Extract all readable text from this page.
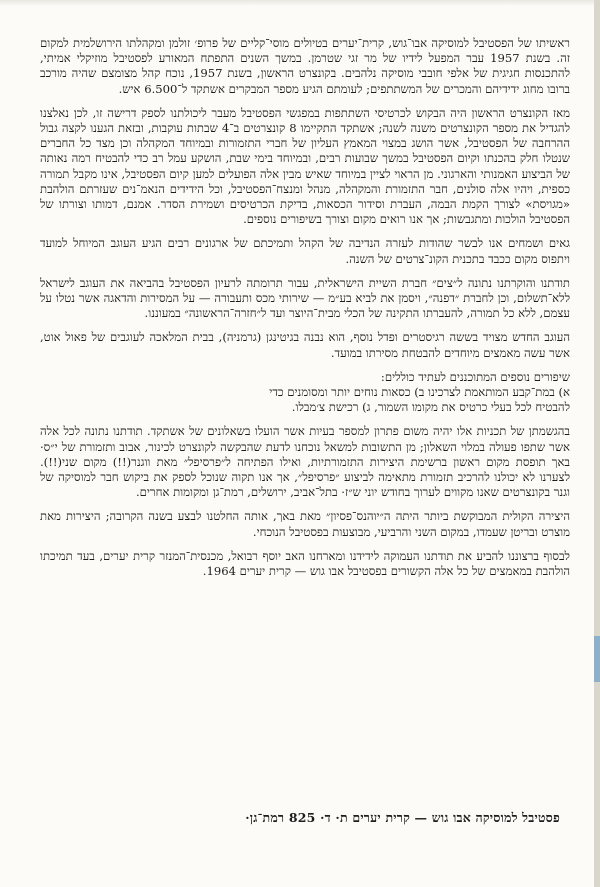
ראשיתו של הפסטיבל למוסיקה אבו־גוש, קרית־יערים בטיולים מוסי־קליים של פרופ׳ זולמן ומקהלתו הירושלמית למקום זה. בשנת 1957 עבר המפעל לידיו של מר זגי שטרמן. במשך השנים התפתח המאורע לפסטיבל מוזיקלי אמיתי, להתכנסות חגיגית של אלפי חובבי מוסיקה נלהבים. בקונצרט הראשון, בשנת 1957, נוכח קהל מצומצם שהיה מורכב ברובו מחוג ידידיהם והמכרים של המשתתפים; לעומתם הגיע מספר המבקרים אשתקד ל־6.500 איש.

מאז הקונצרט הראשון היה הבקוש לכרטיסי השתתפות במפגשי הפסטיבל מעבר ליכולתנו לספק דרישה זו, לכן נאלצנו להגדיל את מספר הקונצרטים משנה לשנה; אשתקד התקיימו 8 קונצרטים ב־4 שבתות עוקבות, ובזאת הגענו לקצה גבול ההרחבה של הפסטיבל, אשר הושג במצוי המאמץ העליון של חברי התזמורות ובמיוחד המקהלה וכן מצד כל החברים שנטלו חלק בהכנתו וקיום הפסטיבל במשך שבועות רבים, ובמיוחד בימי שבת, הושקע עמל רב כדי להבטיח רמה נאותה של הביצוע האמנותי והארגוני. מן הראוי לציין במיוחד שאיש מבין אלה הפועלים למען קיום הפסטיבל, אינו מקבל תמורה כספית, ויהיו אלה סולנים, חבר התזמורת והמקהלה, מנהל ומנצח־הפסטיבל, וכל הידידים הנאמ־נים שעזרתם הולהבת «מגויסת» לצורך הקמת הבמה, העברת וסידור הכסאות, בדיקת הכרטיסים ושמירת הסדר. אמנם, דמותו וצורתו של הפסטיבל הולכות ומתגבשות; אך אנו רואים מקום וצורך בשיפורים נוספים.

גאים ושמחים אנו לבשר שהודות לעזרה הנדיבה של הקהל ותמיכתם של ארגונים רבים הגיע העוגב המיוחל למועד ויתפוס מקום ככבד בתכנית הקונ־צרטים של השנה.

תודתנו והוקרתנו נתונה ל״צים״ חברת השיית הישראלית, עבור תרומתה לרעיון הפסטיבל בהביאה את העוגב לישראל ללא־תשלום, וכן לחברת ״דפנה״, ויסמן את לביא בע״מ — שירותי מכס ותעבורה — על המסירות והדאגה אשר נטלו על עצמם, ללא כל תמורה, להעברתו התקינה של הכלי מבית־היוצר ועד ל״חזרה־הראשונה״ במעוננו.

העוגב החדש מצויד בששה רגיסטרים ופדל נוסף, הוא נבנה בגיטינגן (גרמניה), בבית המלאכה לעוגבים של פאול אוט, אשר עשה מאמצים מיוחדים להבטחת מסירתו במועד.

שיפורים נוספים המתוכננים לעתיד כוללים:

א) במת־קבע המותאמת לצרכינו ב) כסאות נוחים יותר ומסומנים כדי

להבטיח לכל בעלי כרטיס את מקומו השמור, ג) רכישת צ׳מבלו.

בהגשמתן של תכניות אלו יהיה משום פתרון למספר בעיות אשר הועלו בשאלונים של אשתקד. תודתנו נתונה לכל אלה אשר שתפו פעולה במלוי השאלון; מן התשובות למשאל נוכחנו לדעת שהבקשה לקונצרט לכינור, אבוב ותזמורת של י״ס· באך תופסת מקום ראשון ברשימת היצירות התזמורתיות, ואילו הפתיחה ל״פרסיפל״ מאת ווגנר(!!) מקום שני(!!). לצערנו לא יכולנו להרכיב תזמורת מתאימה לביצוע ״פרסיפל״, אך אנו תקוה שנוכל לספק את ביקוש חבר למוסיקה של וגנר בקונצרטים שאנו מקווים לערוך בחודש יוני ש״ז· בתל־אביב, ירושלים, רמת־גן ומקומות אחרים.

היצירה הקולית המבוקשת ביותר היתה ה״יוהנס־פסיון״ מאת באך, אותה החלטנו לבצע בשנה הקרובה; היצירות מאת מוצרט ובריטן שעמדו, במקום השני והרביעי, מבוצעות בפסטיבל הנוכחי.

לבסוף ברצוננו להביע את תודתנו העמוקה לידידנו ומארחנו האב יוסף רבואל, מכנסית־המנזר קרית יערים, בעד תמיכתו הולהבת במאמצים של כל אלה הקשורים בפסטיבל אבו גוש — קרית יערים 1964.

פסטיבל למוסיקה אבו גוש — קרית יערים ת· ד· 825 רמת־גן·
